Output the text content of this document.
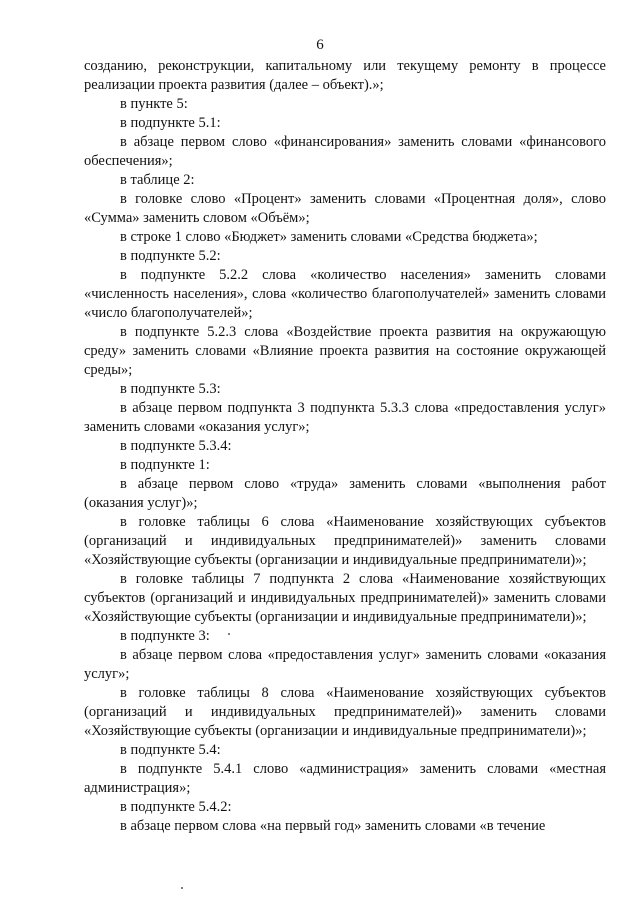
6

созданию, реконструкции, капитальному или текущему ремонту в процессе реализации проекта развития (далее – объект).»;

в пункте 5:

в подпункте 5.1:

в абзаце первом слово «финансирования» заменить словами «финансового обеспечения»;

в таблице 2:

в головке слово «Процент» заменить словами «Процентная доля», слово «Сумма» заменить словом «Объём»;

в строке 1 слово «Бюджет» заменить словами «Средства бюджета»;

в подпункте 5.2:

в подпункте 5.2.2 слова «количество населения» заменить словами «численность населения», слова «количество благополучателей» заменить словами «число благополучателей»;

в подпункте 5.2.3 слова «Воздействие проекта развития на окружающую среду» заменить словами «Влияние проекта развития на состояние окружающей среды»;

в подпункте 5.3:

в абзаце первом подпункта 3 подпункта 5.3.3 слова «предоставления услуг» заменить словами «оказания услуг»;

в подпункте 5.3.4:

в подпункте 1:

в абзаце первом слово «труда» заменить словами «выполнения работ (оказания услуг)»;

в головке таблицы 6 слова «Наименование хозяйствующих субъектов (организаций и индивидуальных предпринимателей)» заменить словами «Хозяйствующие субъекты (организации и индивидуальные предприниматели)»;

в головке таблицы 7 подпункта 2 слова «Наименование хозяйствующих субъектов (организаций и индивидуальных предпринимателей)» заменить словами «Хозяйствующие субъекты (организации и индивидуальные предприниматели)»;

в подпункте 3:

в абзаце первом слова «предоставления услуг» заменить словами «оказания услуг»;

в головке таблицы 8 слова «Наименование хозяйствующих субъектов (организаций и индивидуальных предпринимателей)» заменить словами «Хозяйствующие субъекты (организации и индивидуальные предприниматели)»;

в подпункте 5.4:

в подпункте 5.4.1 слово «администрация» заменить словами «местная администрация»;

в подпункте 5.4.2:

в абзаце первом слова «на первый год» заменить словами «в течение
